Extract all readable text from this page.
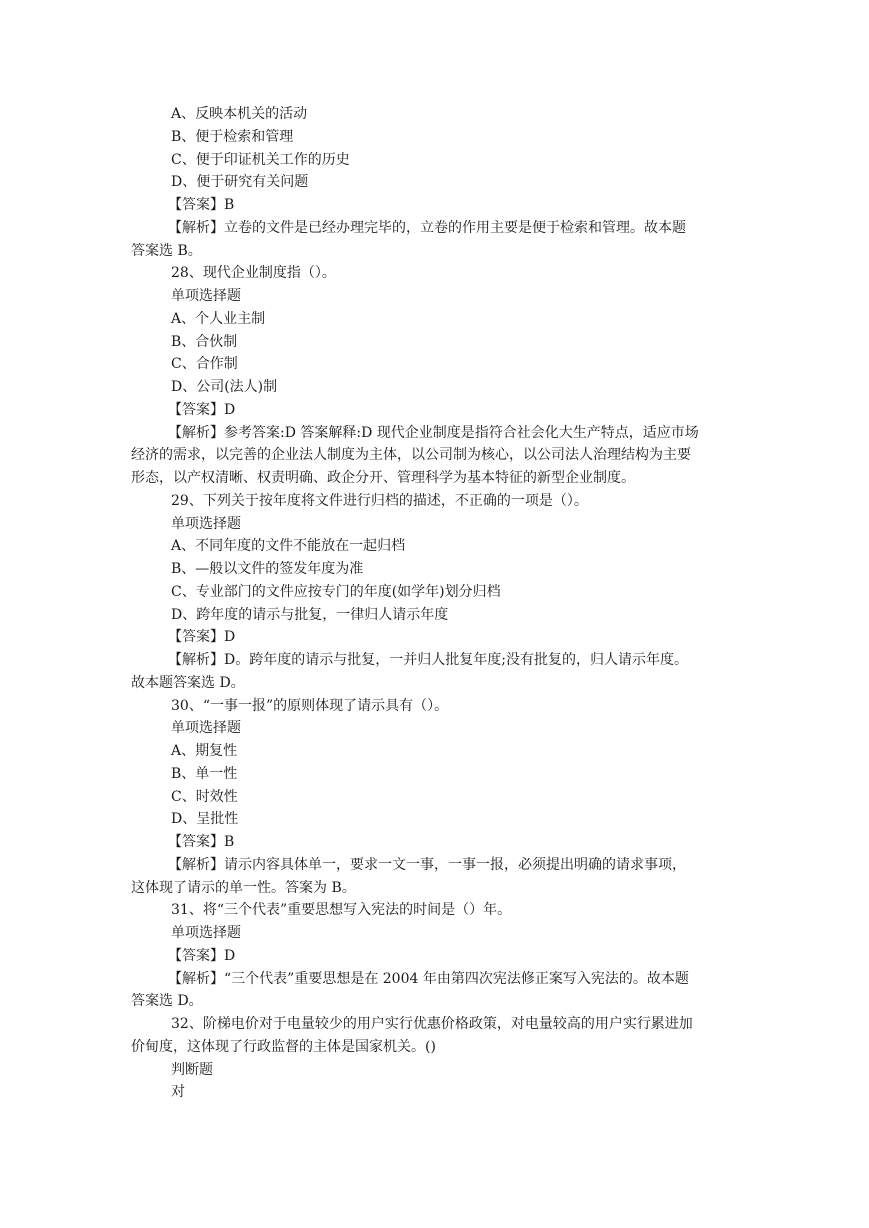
A、反映本机关的活动
B、便于检索和管理
C、便于印证机关工作的历史
D、便于研究有关问题
【答案】B
【解析】立卷的文件是已经办理完毕的，立卷的作用主要是便于检索和管理。故本题
答案选 B。
28、现代企业制度指（）。
单项选择题
A、个人业主制
B、合伙制
C、合作制
D、公司(法人)制
【答案】D
【解析】参考答案:D 答案解释:D 现代企业制度是指符合社会化大生产特点，适应市场
经济的需求，以完善的企业法人制度为主体，以公司制为核心，以公司法人治理结构为主要
形态，以产权清晰、权责明确、政企分开、管理科学为基本特征的新型企业制度。
29、下列关于按年度将文件进行归档的描述，不正确的一项是（）。
单项选择题
A、不同年度的文件不能放在一起归档
B、—般以文件的签发年度为准
C、专业部门的文件应按专门的年度(如学年)划分归档
D、跨年度的请示与批复，一律归人请示年度
【答案】D
【解析】D。跨年度的请示与批复，一并归人批复年度;没有批复的，归人请示年度。
故本题答案选 D。
30、“一事一报”的原则体现了请示具有（）。
单项选择题
A、期复性
B、单一性
C、时效性
D、呈批性
【答案】B
【解析】请示内容具体单一，要求一文一事，一事一报，必须提出明确的请求事项，
这体现了请示的单一性。答案为 B。
31、将“三个代表”重要思想写入宪法的时间是（）年。
单项选择题
【答案】D
【解析】“三个代表”重要思想是在 2004 年由第四次宪法修正案写入宪法的。故本题
答案选 D。
32、阶梯电价对于电量较少的用户实行优惠价格政策，对电量较高的用户实行累进加
价甸度，这体现了行政监督的主体是国家机关。()
判断题
对
